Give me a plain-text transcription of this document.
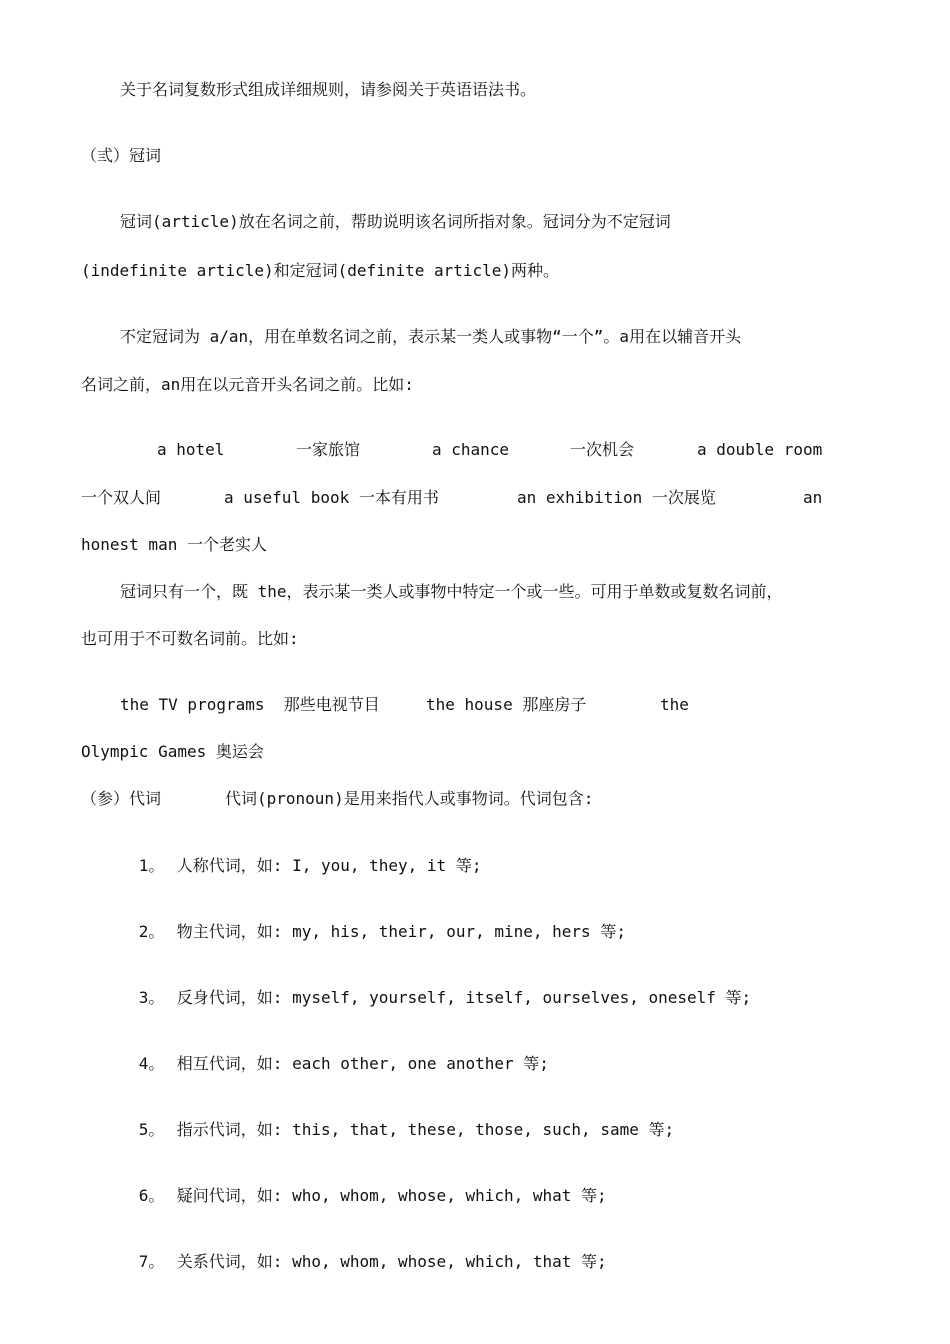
关于名词复数形式组成详细规则，请参阅关于英语语法书。
（弎）冠词
冠词(article)放在名词之前，帮助说明该名词所指对象。冠词分为不定冠词
(indefinite article)和定冠词(definite article)两种。
不定冠词为 a/an，用在单数名词之前，表示某一类人或事物“一个”。a用在以辅音开头
名词之前，an用在以元音开头名词之前。比如:
a hotel	一家旅馆	a chance	一次机会	a double room
一个双人间	a useful book 一本有用书	an exhibition 一次展览	an
honest man 一个老实人
冠词只有一个，既 the，表示某一类人或事物中特定一个或一些。可用于单数或复数名词前，
也可用于不可数名词前。比如:
the TV programs  那些电视节目	the house 那座房子	the
Olympic Games 奥运会
（参）代词	代词(pronoun)是用来指代人或事物词。代词包含:

1。 人称代词，如: I, you, they, it 等;

2。 物主代词，如: my, his, their, our, mine, hers 等;

3。 反身代词，如: myself, yourself, itself, ourselves, oneself 等;

4。 相互代词，如: each other, one another 等;

5。 指示代词，如: this, that, these, those, such, same 等;

6。 疑问代词，如: who, whom, whose, which, what 等;

7。 关系代词，如: who, whom, whose, which, that 等;
